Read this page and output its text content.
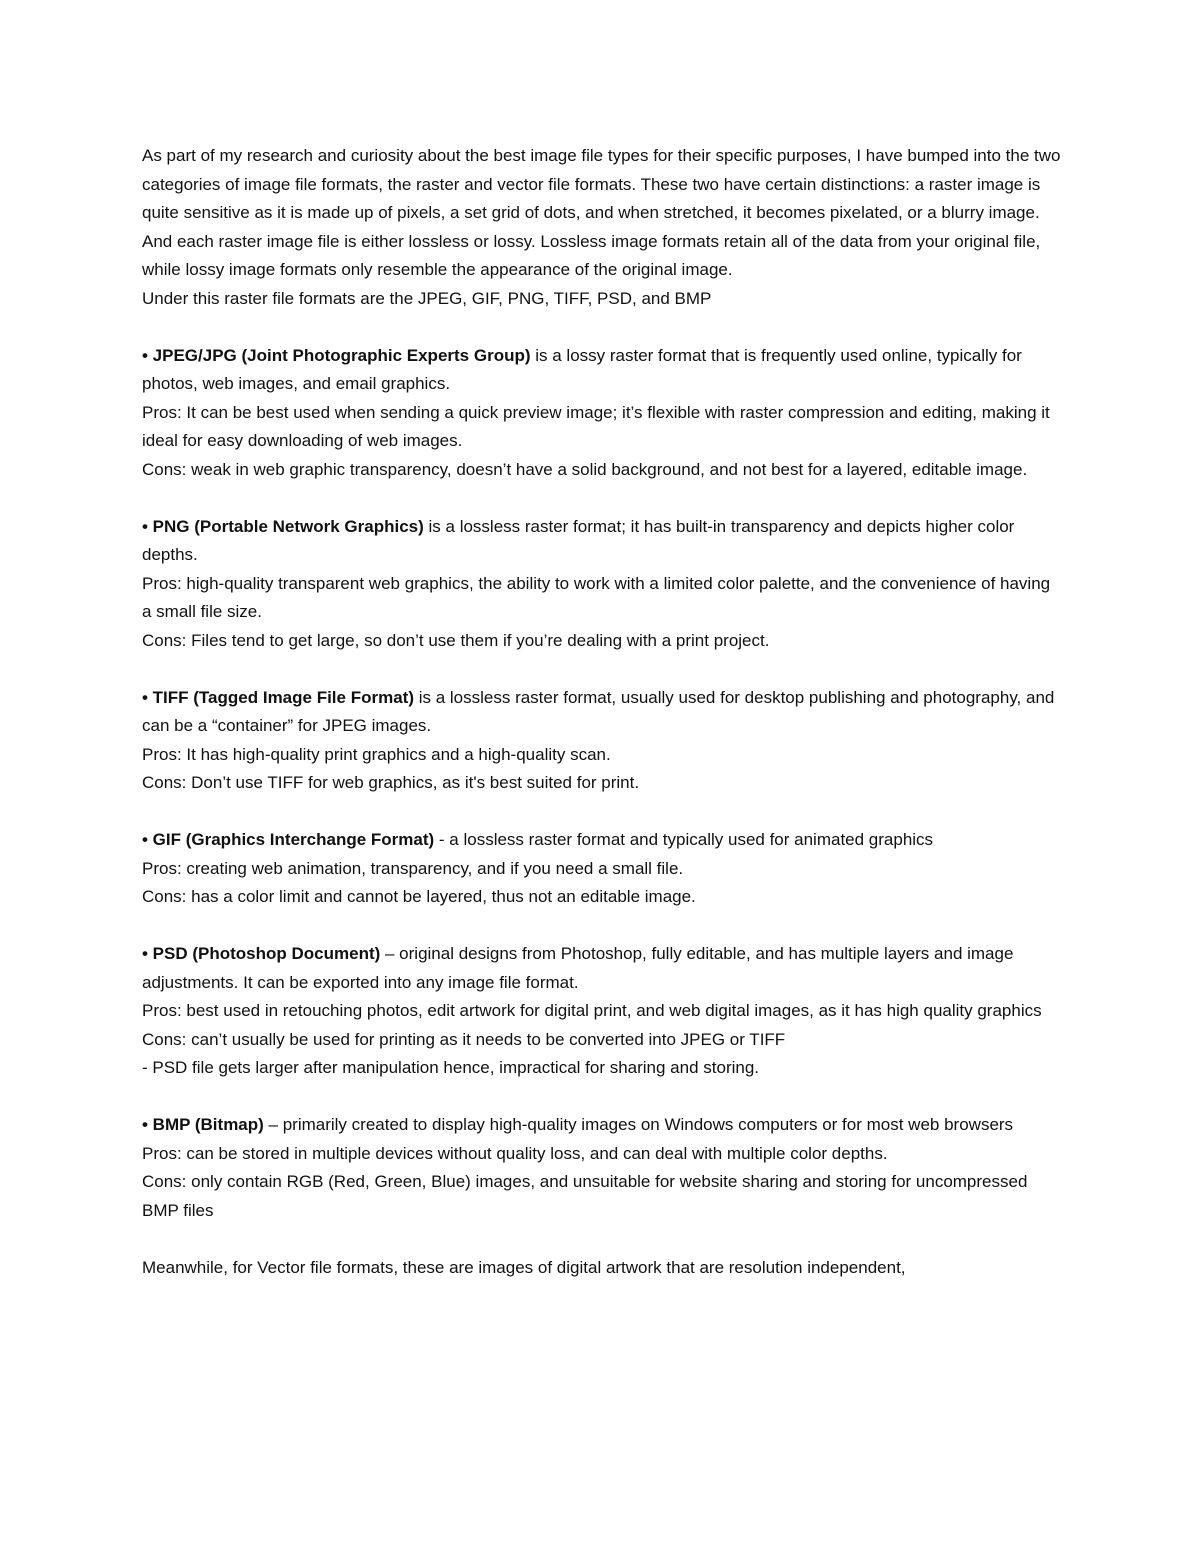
As part of my research and curiosity about the best image file types for their specific purposes, I have bumped into the two categories of image file formats, the raster and vector file formats. These two have certain distinctions: a raster image is quite sensitive as it is made up of pixels, a set grid of dots, and when stretched, it becomes pixelated, or a blurry image. And each raster image file is either lossless or lossy. Lossless image formats retain all of the data from your original file, while lossy image formats only resemble the appearance of the original image.

Under this raster file formats are the JPEG, GIF, PNG, TIFF, PSD, and BMP

• JPEG/JPG (Joint Photographic Experts Group) is a lossy raster format that is frequently used online, typically for photos, web images, and email graphics.

Pros: It can be best used when sending a quick preview image; it’s flexible with raster compression and editing, making it ideal for easy downloading of web images.

Cons: weak in web graphic transparency, doesn’t have a solid background, and not best for a layered, editable image.

• PNG (Portable Network Graphics) is a lossless raster format; it has built-in transparency and depicts higher color depths.

Pros: high-quality transparent web graphics, the ability to work with a limited color palette, and the convenience of having a small file size.

Cons: Files tend to get large, so don’t use them if you’re dealing with a print project.

• TIFF (Tagged Image File Format) is a lossless raster format, usually used for desktop publishing and photography, and can be a “container” for JPEG images.

Pros: It has high-quality print graphics and a high-quality scan.

Cons: Don’t use TIFF for web graphics, as it's best suited for print.

• GIF (Graphics Interchange Format) - a lossless raster format and typically used for animated graphics

Pros: creating web animation, transparency, and if you need a small file.

Cons: has a color limit and cannot be layered, thus not an editable image.

• PSD (Photoshop Document) – original designs from Photoshop, fully editable, and has multiple layers and image adjustments. It can be exported into any image file format.

Pros: best used in retouching photos, edit artwork for digital print, and web digital images, as it has high quality graphics

Cons: can’t usually be used for printing as it needs to be converted into JPEG or TIFF

- PSD file gets larger after manipulation hence, impractical for sharing and storing.

• BMP (Bitmap) – primarily created to display high-quality images on Windows computers or for most web browsers

Pros: can be stored in multiple devices without quality loss, and can deal with multiple color depths.

Cons: only contain RGB (Red, Green, Blue) images, and unsuitable for website sharing and storing for uncompressed BMP files

Meanwhile, for Vector file formats, these are images of digital artwork that are resolution independent,
